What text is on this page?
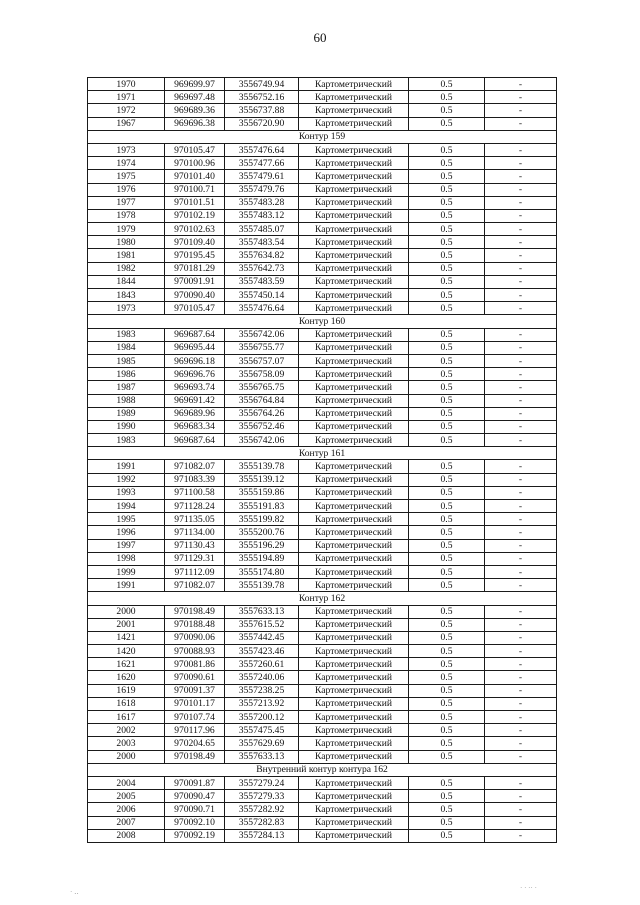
60
1970	969699.97	3556749.94	Картометрический	0.5	-
1971	969697.48	3556752.16	Картометрический	0.5	-
1972	969689.36	3556737.88	Картометрический	0.5	-
1967	969696.38	3556720.90	Картометрический	0.5	-
Контур 159					
1973	970105.47	3557476.64	Картометрический	0.5	-
1974	970100.96	3557477.66	Картометрический	0.5	-
1975	970101.40	3557479.61	Картометрический	0.5	-
1976	970100.71	3557479.76	Картометрический	0.5	-
1977	970101.51	3557483.28	Картометрический	0.5	-
1978	970102.19	3557483.12	Картометрический	0.5	-
1979	970102.63	3557485.07	Картометрический	0.5	-
1980	970109.40	3557483.54	Картометрический	0.5	-
1981	970195.45	3557634.82	Картометрический	0.5	-
1982	970181.29	3557642.73	Картометрический	0.5	-
1844	970091.91	3557483.59	Картометрический	0.5	-
1843	970090.40	3557450.14	Картометрический	0.5	-
1973	970105.47	3557476.64	Картометрический	0.5	-
Контур 160					
1983	969687.64	3556742.06	Картометрический	0.5	-
1984	969695.44	3556755.77	Картометрический	0.5	-
1985	969696.18	3556757.07	Картометрический	0.5	-
1986	969696.76	3556758.09	Картометрический	0.5	-
1987	969693.74	3556765.75	Картометрический	0.5	-
1988	969691.42	3556764.84	Картометрический	0.5	-
1989	969689.96	3556764.26	Картометрический	0.5	-
1990	969683.34	3556752.46	Картометрический	0.5	-
1983	969687.64	3556742.06	Картометрический	0.5	-
Контур 161					
1991	971082.07	3555139.78	Картометрический	0.5	-
1992	971083.39	3555139.12	Картометрический	0.5	-
1993	971100.58	3555159.86	Картометрический	0.5	-
1994	971128.24	3555191.83	Картометрический	0.5	-
1995	971135.05	3555199.82	Картометрический	0.5	-
1996	971134.00	3555200.76	Картометрический	0.5	-
1997	971130.43	3555196.29	Картометрический	0.5	-
1998	971129.31	3555194.89	Картометрический	0.5	-
1999	971112.09	3555174.80	Картометрический	0.5	-
1991	971082.07	3555139.78	Картометрический	0.5	-
Контур 162					
2000	970198.49	3557633.13	Картометрический	0.5	-
2001	970188.48	3557615.52	Картометрический	0.5	-
1421	970090.06	3557442.45	Картометрический	0.5	-
1420	970088.93	3557423.46	Картометрический	0.5	-
1621	970081.86	3557260.61	Картометрический	0.5	-
1620	970090.61	3557240.06	Картометрический	0.5	-
1619	970091.37	3557238.25	Картометрический	0.5	-
1618	970101.17	3557213.92	Картометрический	0.5	-
1617	970107.74	3557200.12	Картометрический	0.5	-
2002	970117.96	3557475.45	Картометрический	0.5	-
2003	970204.65	3557629.69	Картометрический	0.5	-
2000	970198.49	3557633.13	Картометрический	0.5	-
Внутренний контур контура 162					
2004	970091.87	3557279.24	Картометрический	0.5	-
2005	970090.47	3557279.33	Картометрический	0.5	-
2006	970090.71	3557282.92	Картометрический	0.5	-
2007	970092.10	3557282.83	Картометрический	0.5	-
2008	970092.19	3557284.13	Картометрический	0.5	-
· ‥	· · ·· ·
